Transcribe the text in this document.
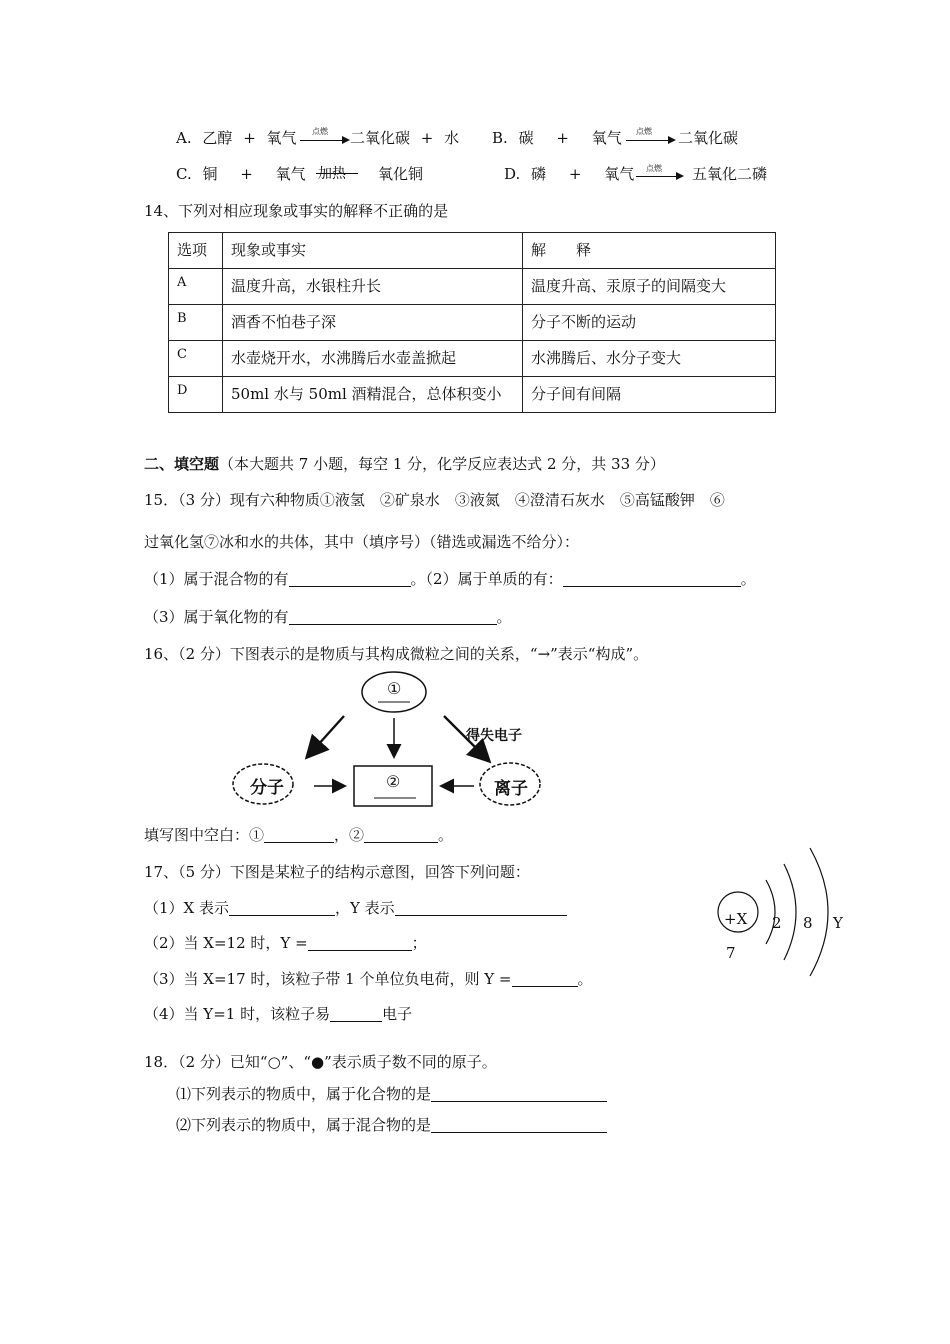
A. 乙醇 + 氧气 点燃 二氧化碳 + 水 B. 碳 + 氧气 点燃 二氧化碳
C. 铜 + 氧气 加热 氧化铜	D. 磷 + 氧气 点燃 五氧化二磷
14、下列对相应现象或事实的解释不正确的是
选项	现象或事实	解　　释
A	温度升高，水银柱升长	温度升高、汞原子的间隔变大
B	酒香不怕巷子深	分子不断的运动
C	水壶烧开水，水沸腾后水壶盖掀起	水沸腾后、水分子变大
D	50ml 水与 50ml 酒精混合，总体积变小	分子间有间隔
二、填空题（本大题共 7 小题，每空 1 分，化学反应表达式 2 分，共 33 分）
15．（3 分）现有六种物质①液氢　②矿泉水　③液氮　④澄清石灰水　⑤高锰酸钾　⑥
过氧化氢⑦冰和水的共体，其中（填序号）（错选或漏选不给分）：
（1）属于混合物的有	。（2）属于单质的有：	。
（3）属于氧化物的有	。
16、（2 分）下图表示的是物质与其构成微粒之间的关系，“→”表示“构成”。
①
②
分子	离子
得失电子
填写图中空白：①	，②	。
17、（5 分）下图是某粒子的结构示意图，回答下列问题：
（1）X 表示	，Y 表示
（2）当 X=12 时，Y =	；
（3）当 X=17 时，该粒子带 1 个单位负电荷，则 Y =	。
（4）当 Y=1 时，该粒子易	电子
+X 2 8 Y
7
18．（2 分）已知“○”、“●”表示质子数不同的原子。
⑴下列表示的物质中，属于化合物的是
⑵下列表示的物质中，属于混合物的是
